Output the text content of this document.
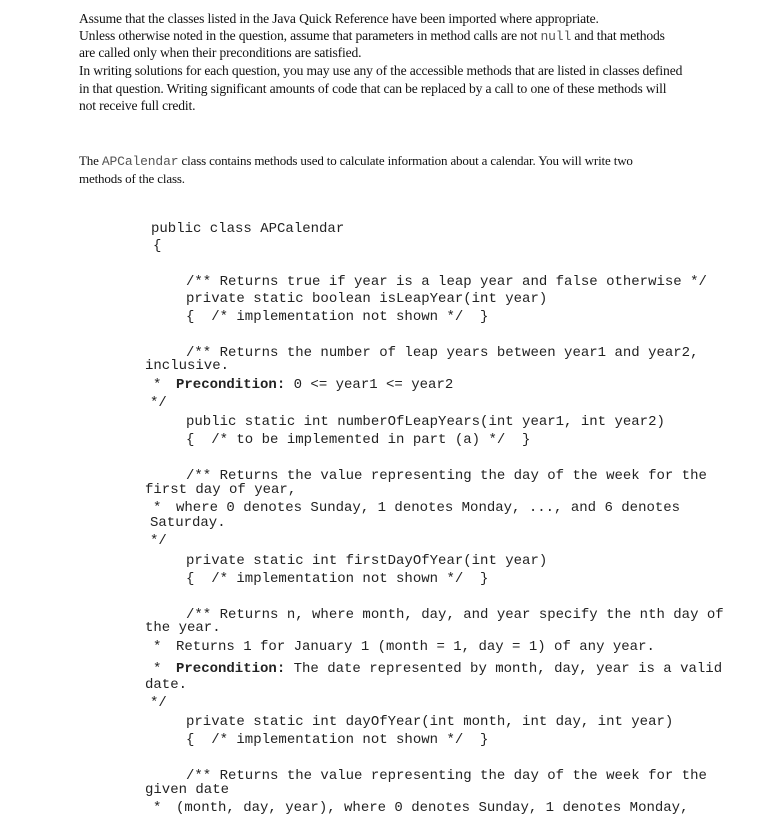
Assume that the classes listed in the Java Quick Reference have been imported where appropriate.
Unless otherwise noted in the question, assume that parameters in method calls are not null and that methods
are called only when their preconditions are satisfied.
In writing solutions for each question, you may use any of the accessible methods that are listed in classes defined
in that question. Writing significant amounts of code that can be replaced by a call to one of these methods will
not receive full credit.
The APCalendar class contains methods used to calculate information about a calendar. You will write two
methods of the class.
public class APCalendar
{
/** Returns true if year is a leap year and false otherwise */
private static boolean isLeapYear(int year)
{  /* implementation not shown */  }
/** Returns the number of leap years between year1 and year2,
inclusive.
* Precondition: 0 <= year1 <= year2
*/
public static int numberOfLeapYears(int year1, int year2)
{  /* to be implemented in part (a) */  }
/** Returns the value representing the day of the week for the
first day of year,
* where 0 denotes Sunday, 1 denotes Monday, ..., and 6 denotes
Saturday.
*/
private static int firstDayOfYear(int year)
{  /* implementation not shown */  }
/** Returns n, where month, day, and year specify the nth day of
the year.
* Returns 1 for January 1 (month = 1, day = 1) of any year.
* Precondition: The date represented by month, day, year is a valid
date.
*/
private static int dayOfYear(int month, int day, int year)
{  /* implementation not shown */  }
/** Returns the value representing the day of the week for the
given date
* (month, day, year), where 0 denotes Sunday, 1 denotes Monday,
